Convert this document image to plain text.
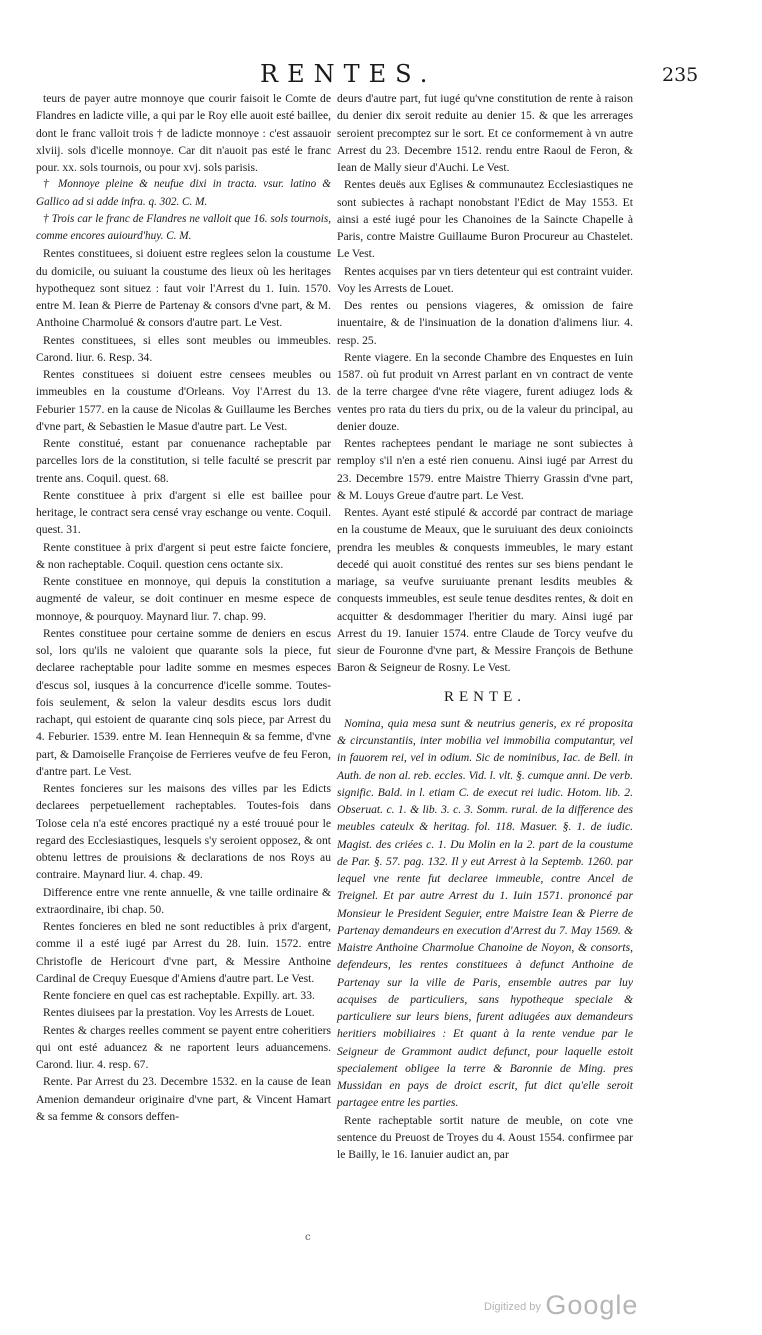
RENTES.	235

teurs de payer autre monnoye que courir faisoit le Comte de Flandres en ladicte ville, a qui par le Roy elle auoit esté baillee, dont le franc valloit trois † de ladicte monnoye : c'est assauoir xlviij. sols d'icelle monnoye. Car dit n'auoit pas esté le franc pour. xx. sols tournois, ou pour xvj. sols parisis.

† Monnoye pleine & neufue dixi in tracta. vsur. latino & Gallico ad si adde infra. q. 302. C. M.

† Trois car le franc de Flandres ne valloit que 16. sols tournois, comme encores auiourd'huy. C. M.

Rentes constituees, si doiuent estre reglees selon la coustume du domicile, ou suiuant la coustume des lieux où les heritages hypothequez sont situez : faut voir l'Arrest du 1. Iuin. 1570. entre M. Iean & Pierre de Partenay & consors d'vne part, & M. Anthoine Charmolué & consors d'autre part. Le Vest.

Rentes constituees, si elles sont meubles ou immeubles. Carond. liur. 6. Resp. 34.

Rentes constituees si doiuent estre censees meubles ou immeubles en la coustume d'Orleans. Voy l'Arrest du 13. Feburier 1577. en la cause de Nicolas & Guillaume les Berches d'vne part, & Sebastien le Masue d'autre part. Le Vest.

Rente constitué, estant par conuenance racheptable par parcelles lors de la constitution, si telle faculté se prescrit par trente ans. Coquil. quest. 68.

Rente constituee à prix d'argent si elle est baillee pour heritage, le contract sera censé vray eschange ou vente. Coquil. quest. 31.

Rente constituee à prix d'argent si peut estre faicte fonciere, & non racheptable. Coquil. question cens octante six.

Rente constituee en monnoye, qui depuis la constitution a augmenté de valeur, se doit continuer en mesme espece de monnoye, & pourquoy. Maynard liur. 7. chap. 99.

Rentes constituee pour certaine somme de deniers en escus sol, lors qu'ils ne valoient que quarante sols la piece, fut declaree racheptable pour ladite somme en mesmes especes d'escus sol, iusques à la concurrence d'icelle somme. Toutes-fois seulement, & selon la valeur desdits escus lors dudit rachapt, qui estoient de quarante cinq sols piece, par Arrest du 4. Feburier. 1539. entre M. Iean Hennequin & sa femme, d'vne part, & Damoiselle Françoise de Ferrieres veufve de feu Feron, d'antre part. Le Vest.

Rentes foncieres sur les maisons des villes par les Edicts declarees perpetuellement racheptables. Toutes-fois dans Tolose cela n'a esté encores practiqué ny a esté trouué pour le regard des Ecclesiastiques, lesquels s'y seroient opposez, & ont obtenu lettres de prouisions & declarations de nos Roys au contraire. Maynard liur. 4. chap. 49.

Difference entre vne rente annuelle, & vne taille ordinaire & extraordinaire, ibi chap. 50.

Rentes foncieres en bled ne sont reductibles à prix d'argent, comme il a esté iugé par Arrest du 28. Iuin. 1572. entre Christofle de Hericourt d'vne part, & Messire Anthoine Cardinal de Crequy Euesque d'Amiens d'autre part. Le Vest.

Rente fonciere en quel cas est racheptable. Expilly. art. 33.

Rentes diuisees par la prestation. Voy les Arrests de Louet.

Rentes & charges reelles comment se payent entre coheritiers qui ont esté aduancez & ne raportent leurs aduancemens. Carond. liur. 4. resp. 67.

Rente. Par Arrest du 23. Decembre 1532. en la cause de Iean Amenion demandeur originaire d'vne part, & Vincent Hamart & sa femme & consors deffen-

deurs d'autre part, fut iugé qu'vne constitution de rente à raison du denier dix seroit reduite au denier 15. & que les arrerages seroient precomptez sur le sort. Et ce conformement à vn autre Arrest du 23. Decembre 1512. rendu entre Raoul de Feron, & Iean de Mally sieur d'Auchi. Le Vest.

Rentes deuës aux Eglises & communautez Ecclesiastiques ne sont subiectes à rachapt nonobstant l'Edict de May 1553. Et ainsi a esté iugé pour les Chanoines de la Saincte Chapelle à Paris, contre Maistre Guillaume Buron Procureur au Chastelet. Le Vest.

Rentes acquises par vn tiers detenteur qui est contraint vuider. Voy les Arrests de Louet.

Des rentes ou pensions viageres, & omission de faire inuentaire, & de l'insinuation de la donation d'alimens liur. 4. resp. 25.

Rente viagere. En la seconde Chambre des Enquestes en Iuin 1587. où fut produit vn Arrest parlant en vn contract de vente de la terre chargee d'vne rête viagere, furent adiugez lods & ventes pro rata du tiers du prix, ou de la valeur du principal, au denier douze.

Rentes racheptees pendant le mariage ne sont subiectes à remploy s'il n'en a esté rien conuenu. Ainsi iugé par Arrest du 23. Decembre 1579. entre Maistre Thierry Grassin d'vne part, & M. Louys Greue d'autre part. Le Vest.

Rentes. Ayant esté stipulé & accordé par contract de mariage en la coustume de Meaux, que le suruiuant des deux conioincts prendra les meubles & conquests immeubles, le mary estant decedé qui auoit constitué des rentes sur ses biens pendant le mariage, sa veufve suruiuante prenant lesdits meubles & conquests immeubles, est seule tenue desdites rentes, & doit en acquitter & desdommager l'heritier du mary. Ainsi iugé par Arrest du 19. Ianuier 1574. entre Claude de Torcy veufve du sieur de Fouronne d'vne part, & Messire François de Bethune Baron & Seigneur de Rosny. Le Vest.

RENTE.

Nomina, quia mesa sunt & neutrius generis, ex ré proposita & circunstantiis, inter mobilia vel immobilia computantur, vel in fauorem rei, vel in odium. Sic de nominibus, Iac. de Bell. in Auth. de non al. reb. eccles. Vid. l. vlt. §. cumque anni. De verb. signific. Bald. in l. etiam C. de execut rei iudic. Hotom. lib. 2. Obseruat. c. 1. & lib. 3. c. 3. Somm. rural. de la difference des meubles cateulx & heritag. fol. 118. Masuer. §. 1. de iudic. Magist. des criées c. 1. Du Molin en la 2. part de la coustume de Par. §. 57. pag. 132. Il y eut Arrest à la Septemb. 1260. par lequel vne rente fut declaree immeuble, contre Ancel de Treignel. Et par autre Arrest du 1. Iuin 1571. prononcé par Monsieur le President Seguier, entre Maistre Iean & Pierre de Partenay demandeurs en execution d'Arrest du 7. May 1569. & Maistre Anthoine Charmolue Chanoine de Noyon, & consorts, defendeurs, les rentes constituees à defunct Anthoine de Partenay sur la ville de Paris, ensemble autres par luy acquises de particuliers, sans hypotheque speciale & particuliere sur leurs biens, furent adiugées aux demandeurs heritiers mobiliaires : Et quant à la rente vendue par le Seigneur de Grammont audict defunct, pour laquelle estoit specialement obligee la terre & Baronnie de Ming. pres Mussidan en pays de droict escrit, fut dict qu'elle seroit partagee entre les parties.

Rente racheptable sortit nature de meuble, on cote vne sentence du Preuost de Troyes du 4. Aoust 1554. confirmee par le Bailly, le 16. Ianuier audict an, par

c
$^{Digitized by}$ Google
